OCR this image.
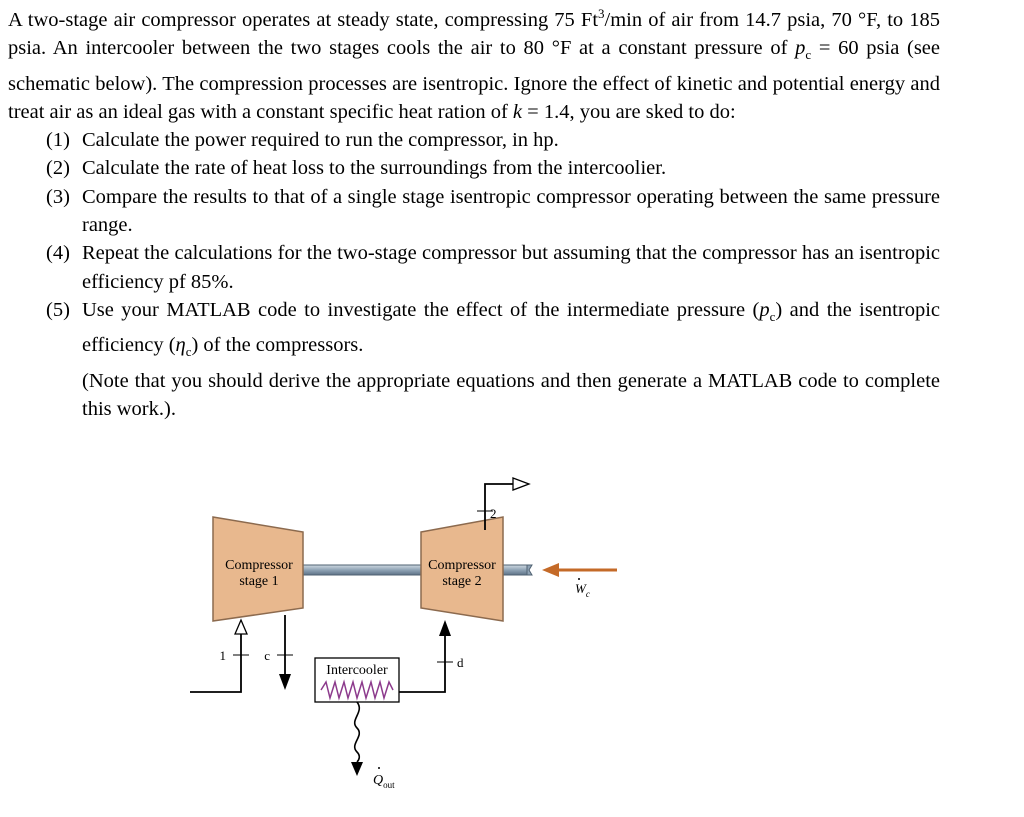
A two-stage air compressor operates at steady state, compressing 75 Ft$^3$/min of air from 14.7 psia, 70 °F, to 185 psia. An intercooler between the two stages cools the air to 80 °F at a constant pressure of $p_c = 60$ psia (see schematic below). The compression processes are isentropic. Ignore the effect of kinetic and potential energy and treat air as an ideal gas with a constant specific heat ration of k = 1.4, you are sked to do:

(1) Calculate the power required to run the compressor, in hp.
(2) Calculate the rate of heat loss to the surroundings from the intercoolier.
(3) Compare the results to that of a single stage isentropic compressor operating between the same pressure range.
(4) Repeat the calculations for the two-stage compressor but assuming that the compressor has an isentropic efficiency pf 85%.
(5) Use your MATLAB code to investigate the effect of the intermediate pressure $(p_c)$ and the isentropic efficiency $(\eta_c)$ of the compressors.
(Note that you should derive the appropriate equations and then generate a MATLAB code to complete this work.).
Compressor
stage 1
Compressor
stage 2
1	c
Intercooler
d
2
$W_c$
$Q_{out}$
